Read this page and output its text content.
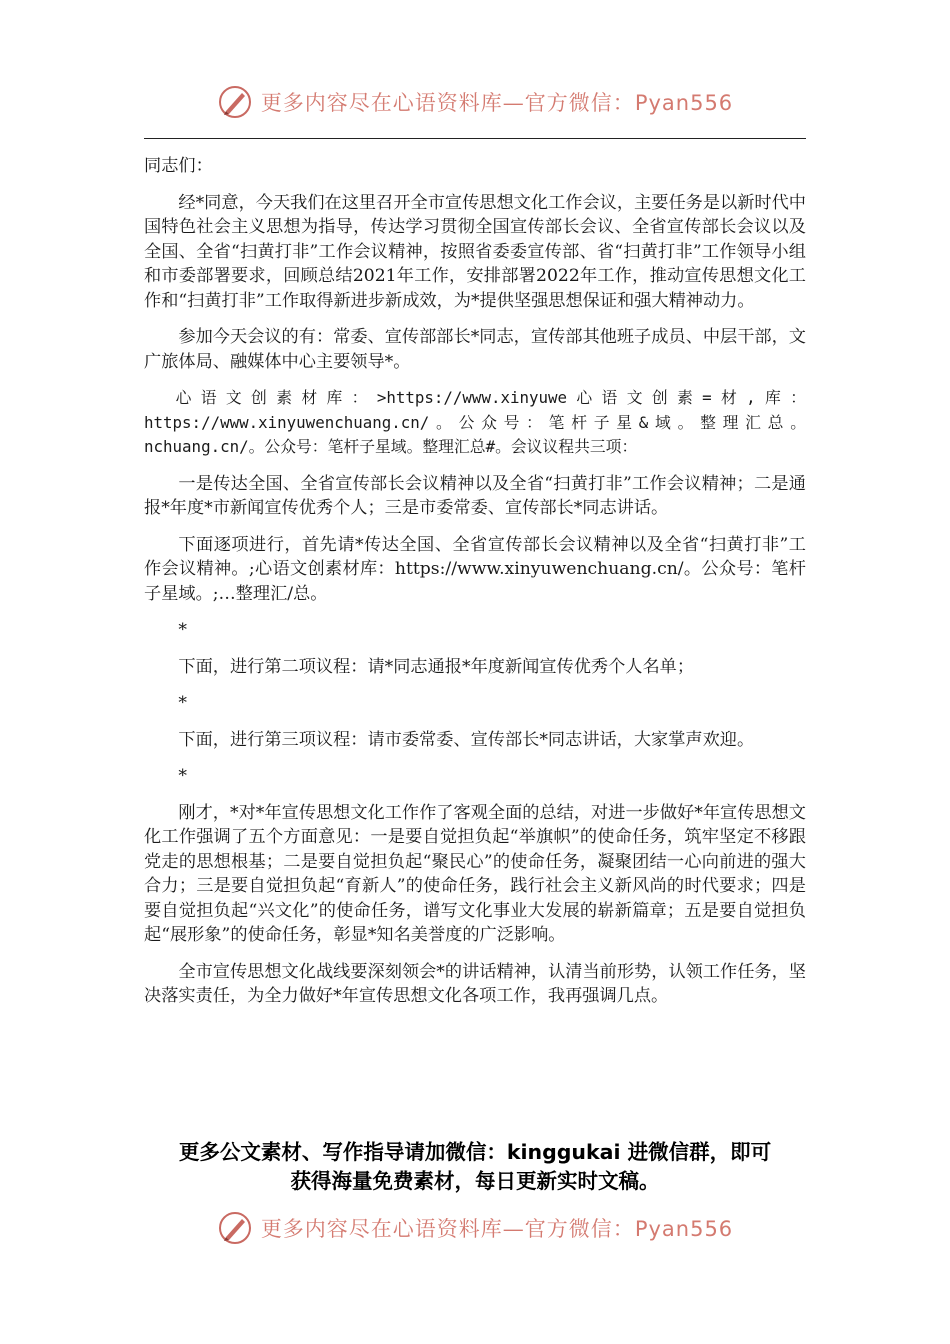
更多内容尽在心语资料库—官方微信：Pyan556

同志们：

经*同意，今天我们在这里召开全市宣传思想文化工作会议，主要任务是以新时代中国特色社会主义思想为指导，传达学习贯彻全国宣传部长会议、全省宣传部长会议以及全国、全省“扫黄打非”工作会议精神，按照省委委宣传部、省“扫黄打非”工作领导小组和市委部署要求，回顾总结2021年工作，安排部署2022年工作，推动宣传思想文化工作和“扫黄打非”工作取得新进步新成效，为*提供坚强思想保证和强大精神动力。

参加今天会议的有：常委、宣传部部长*同志，宣传部其他班子成员、中层干部，文广旅体局、融媒体中心主要领导*。

心语文创素材库：>https://www.xinyuwe心语文创素=材,库：https://www.xinyuwenchuang.cn/。公众号：笔杆子星&域。整理汇总。nchuang.cn/。公众号：笔杆子星域。整理汇总#。会议议程共三项：

一是传达全国、全省宣传部长会议精神以及全省“扫黄打非”工作会议精神；二是通报*年度*市新闻宣传优秀个人；三是市委常委、宣传部长*同志讲话。

下面逐项进行，首先请*传达全国、全省宣传部长会议精神以及全省“扫黄打非”工作会议精神。;心语文创素材库：https://www.xinyuwenchuang.cn/。公众号：笔杆子星域。;…整理汇/总。

*

下面，进行第二项议程：请*同志通报*年度新闻宣传优秀个人名单；

*

下面，进行第三项议程：请市委常委、宣传部长*同志讲话，大家掌声欢迎。

*

刚才，*对*年宣传思想文化工作作了客观全面的总结，对进一步做好*年宣传思想文化工作强调了五个方面意见：一是要自觉担负起“举旗帜”的使命任务，筑牢坚定不移跟党走的思想根基；二是要自觉担负起“聚民心”的使命任务，凝聚团结一心向前进的强大合力；三是要自觉担负起“育新人”的使命任务，践行社会主义新风尚的时代要求；四是要自觉担负起“兴文化”的使命任务，谱写文化事业大发展的崭新篇章；五是要自觉担负起“展形象”的使命任务，彰显*知名美誉度的广泛影响。

全市宣传思想文化战线要深刻领会*的讲话精神，认清当前形势，认领工作任务，坚决落实责任，为全力做好*年宣传思想文化各项工作，我再强调几点。

更多公文素材、写作指导请加微信：kinggukai 进微信群，即可
获得海量免费素材，每日更新实时文稿。
更多内容尽在心语资料库—官方微信：Pyan556
